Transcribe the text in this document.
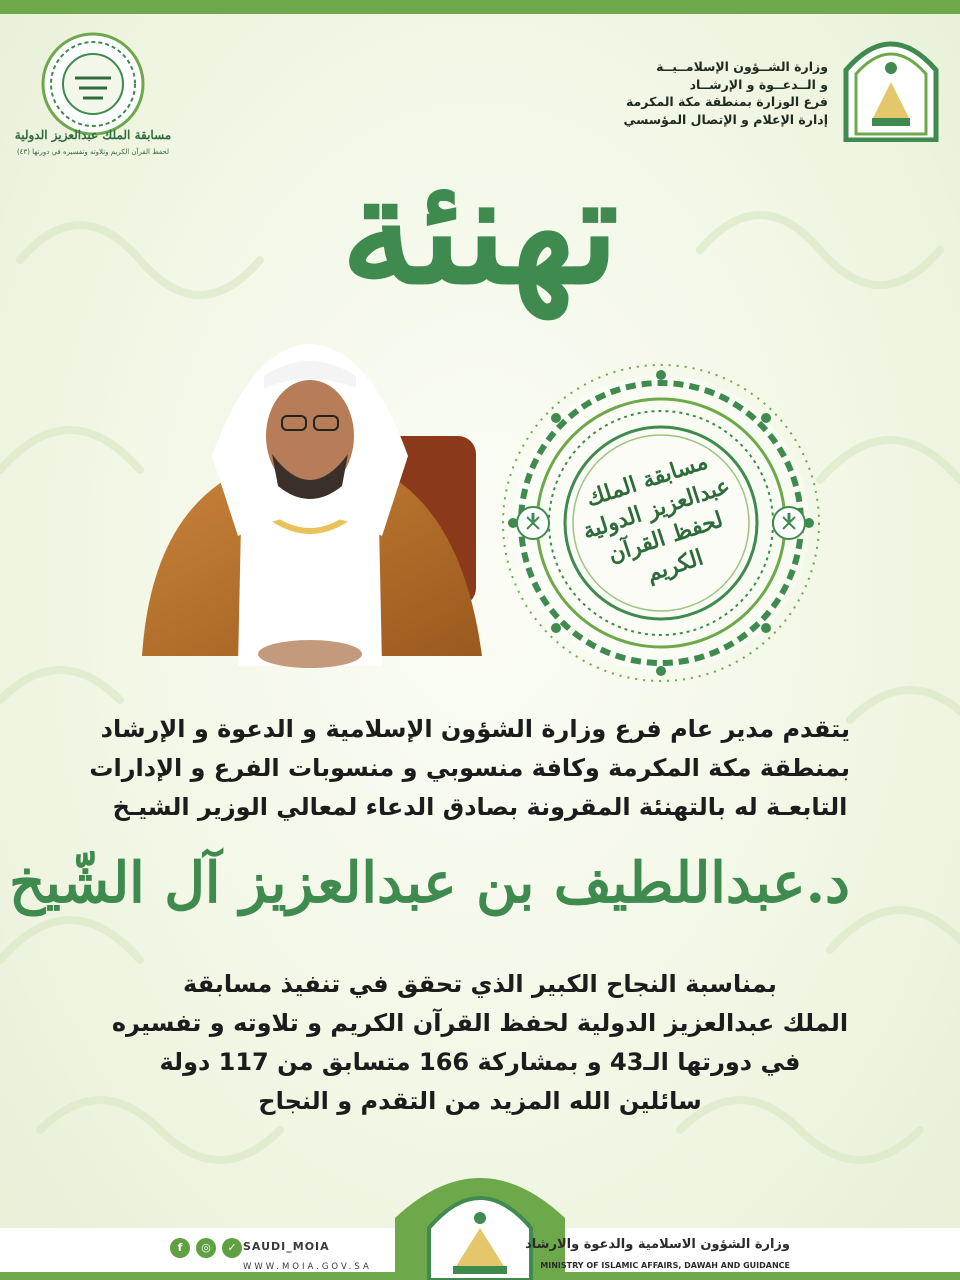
وزارة الشــؤون الإسلامــيــة
و الــدعــوة و الإرشــاد
فرع الوزارة بمنطقة مكة المكرمة
إدارة الإعلام و الإتصال المؤسسي
مسابقة الملك عبدالعزيز الدولية
لحفظ القرآن الكريم وتلاوته وتفسيره في دورتها (٤٣)	تهنئة
مسابقة الملك عبدالعزيز الدولية لحفظ القرآن الكريم
يتقدم مدير عام فرع وزارة الشؤون الإسلامية و الدعوة و الإرشاد
بمنطقة مكة المكرمة وكافة منسوبي و منسوبات الفرع و الإدارات
التابعـة له بالتهنئة المقرونة بصادق الدعاء لمعالي الوزير الشيـخ
د.عبداللطيف بن عبدالعزيز آل الشّيخ
بمناسبة النجاح الكبير الذي تحقق في تنفيذ مسابقة
الملك عبدالعزيز الدولية لحفظ القرآن الكريم و تلاوته و تفسيره
في دورتها الـ43 و بمشاركة 166 متسابق من 117 دولة
سائلين الله المزيد من التقدم و النجاح
f	◎	✓ SAUDI_MOIA
WWW.MOIA.GOV.SA
وزارة الشؤون الاسلامية والدعوة والارشاد
MINISTRY OF ISLAMIC AFFAIRS, DAWAH AND GUIDANCE
